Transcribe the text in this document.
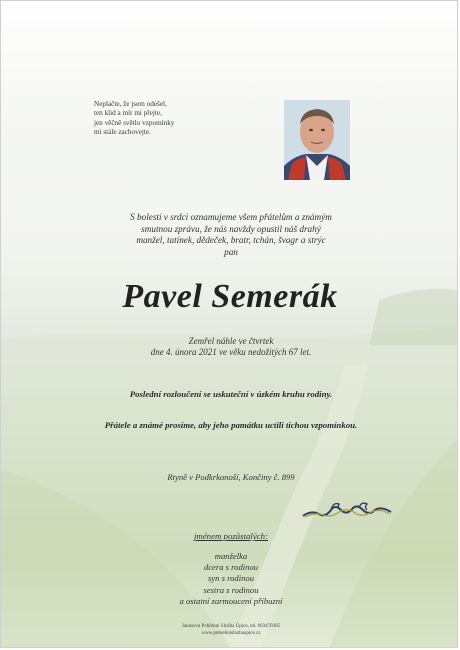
Neplačte, že jsem odešel,
ten klid a mír mi přejte,
jen věčně světlo vzpomínky
mi stále zachovejte.
S bolestí v srdci oznamujeme všem přátelům a známým
smutnou zprávu, že nás navždy opustil náš drahý
manžel, tatínek, dědeček, bratr, tchán, švagr a strýc
pan
Pavel Semerák
Zemřel náhle ve čtvrtek
dne 4. února 2021 ve věku nedožitých 67 let.
Poslední rozloučení se uskuteční v úzkém kruhu rodiny.
Přátele a známé prosíme, aby jeho památku uctili tichou vzpomínkou.
Rtyně v Podkrkonoší, Končiny č. 899
jménem pozůstalých:
manželka
dcera s rodinou
syn s rodinou
sestra s rodinou
a ostatní zarmoucení příbuzní
Janusova Pohřební Služba Úpice, tel. 603470305
www.pohrebnisluzbaupice.cz
